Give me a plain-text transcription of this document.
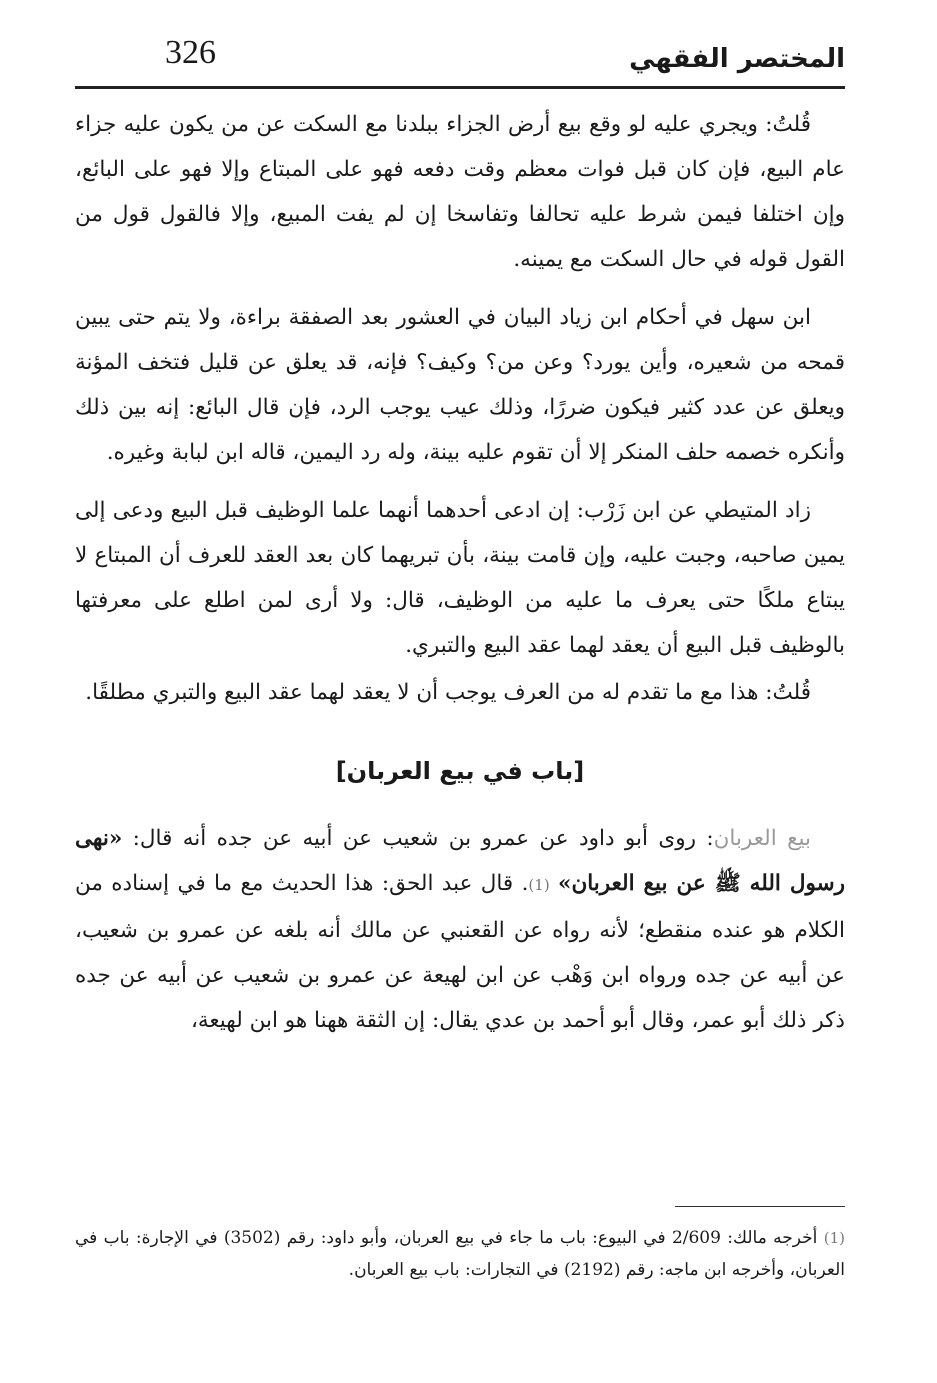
326	المختصر الفقهي

قُلتُ: ويجري عليه لو وقع بيع أرض الجزاء ببلدنا مع السكت عن من يكون عليه جزاء عام البيع، فإن كان قبل فوات معظم وقت دفعه فهو على المبتاع وإلا فهو على البائع، وإن اختلفا فيمن شرط عليه تحالفا وتفاسخا إن لم يفت المبيع، وإلا فالقول قول من القول قوله في حال السكت مع يمينه.

ابن سهل في أحكام ابن زياد البيان في العشور بعد الصفقة براءة، ولا يتم حتى يبين قمحه من شعيره، وأين يورد؟ وعن من؟ وكيف؟ فإنه، قد يعلق عن قليل فتخف المؤنة ويعلق عن عدد كثير فيكون ضررًا، وذلك عيب يوجب الرد، فإن قال البائع: إنه بين ذلك وأنكره خصمه حلف المنكر إلا أن تقوم عليه بينة، وله رد اليمين، قاله ابن لبابة وغيره.

زاد المتيطي عن ابن زَرْب: إن ادعى أحدهما أنهما علما الوظيف قبل البيع ودعى إلى يمين صاحبه، وجبت عليه، وإن قامت بينة، بأن تبريهما كان بعد العقد للعرف أن المبتاع لا يبتاع ملكًا حتى يعرف ما عليه من الوظيف، قال: ولا أرى لمن اطلع على معرفتها بالوظيف قبل البيع أن يعقد لهما عقد البيع والتبري.

قُلتُ: هذا مع ما تقدم له من العرف يوجب أن لا يعقد لهما عقد البيع والتبري مطلقًا.

[باب في بيع العربان]

بيع العربان: روى أبو داود عن عمرو بن شعيب عن أبيه عن جده أنه قال: «نهى رسول الله ﷺ عن بيع العربان» (1). قال عبد الحق: هذا الحديث مع ما في إسناده من الكلام هو عنده منقطع؛ لأنه رواه عن القعنبي عن مالك أنه بلغه عن عمرو بن شعيب، عن أبيه عن جده ورواه ابن وَهْب عن ابن لهيعة عن عمرو بن شعيب عن أبيه عن جده ذكر ذلك أبو عمر، وقال أبو أحمد بن عدي يقال: إن الثقة ههنا هو ابن لهيعة،

(1) أخرجه مالك: 2/609 في البيوع: باب ما جاء في بيع العربان، وأبو داود: رقم (3502) في الإجارة: باب في العربان، وأخرجه ابن ماجه: رقم (2192) في التجارات: باب بيع العربان.
